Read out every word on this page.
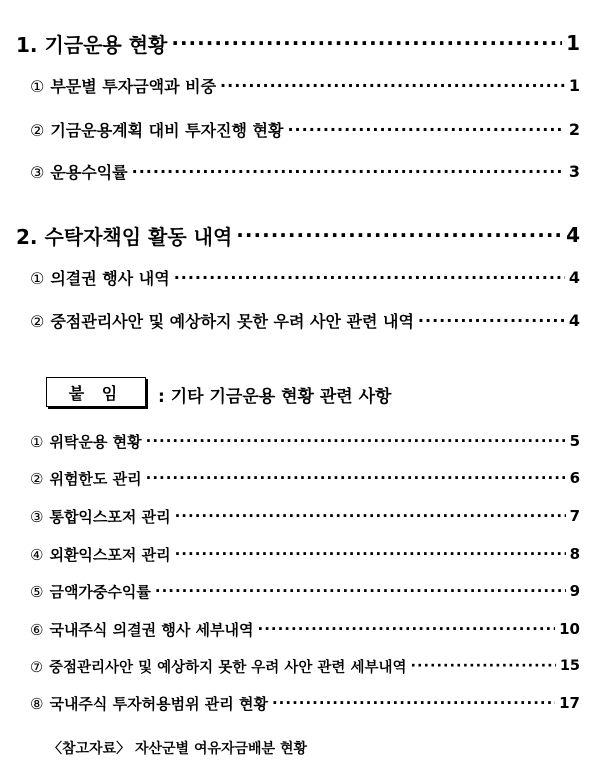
1. 기금운용 현황 ·····	1
① 부문별 투자금액과 비중 ·····	1
② 기금운용계획 대비 투자진행 현황 ·····	2
③ 운용수익률 ·····	3
2. 수탁자책임 활동 내역 ·····	4
① 의결권 행사 내역 ·····	4
② 중점관리사안 및 예상하지 못한 우려 사안 관련 내역 ·····	4
붙 임	: 기타 기금운용 현황 관련 사항
① 위탁운용 현황 ·····	5
② 위험한도 관리 ·····	6
③ 통합익스포저 관리 ·····	7
④ 외환익스포저 관리 ·····	8
⑤ 금액가중수익률 ·····	9
⑥ 국내주식 의결권 행사 세부내역 ·····	10
⑦ 중점관리사안 및 예상하지 못한 우려 사안 관련 세부내역 ·····	15
⑧ 국내주식 투자허용범위 관리 현황 ·····	17
〈참고자료〉 자산군별 여유자금배분 현황
